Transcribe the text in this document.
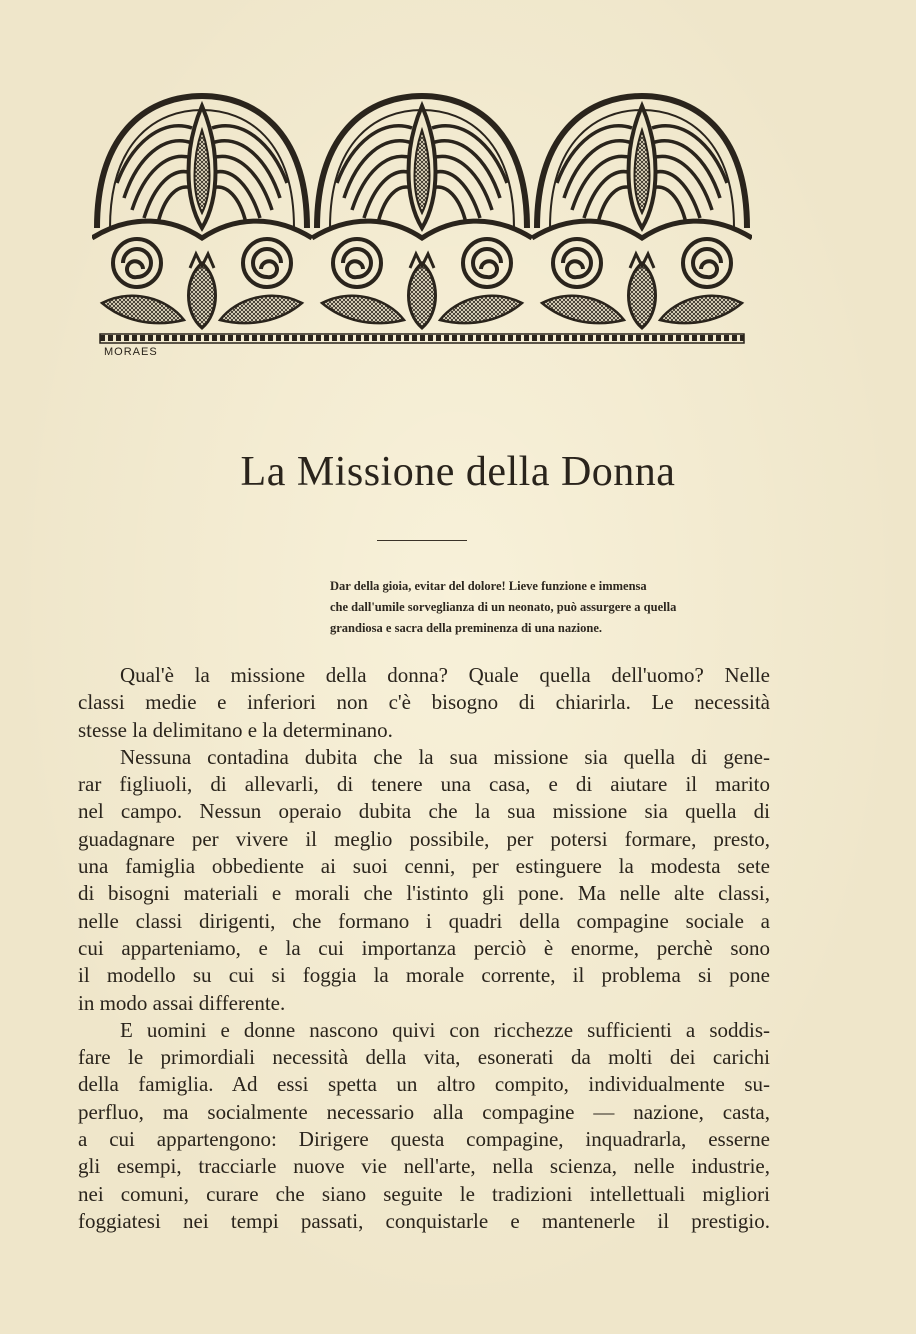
MORAES
La Missione della Donna
Dar della gioia, evitar del dolore! Lieve funzione e immensa
che dall'umile sorveglianza di un neonato, può assurgere a quella
grandiosa e sacra della preminenza di una nazione.
Qual'è la missione della donna? Quale quella dell'uomo? Nelle
classi medie e inferiori non c'è bisogno di chiarirla. Le necessità
stesse la delimitano e la determinano.
Nessuna contadina dubita che la sua missione sia quella di gene-
rar figliuoli, di allevarli, di tenere una casa, e di aiutare il marito
nel campo. Nessun operaio dubita che la sua missione sia quella di
guadagnare per vivere il meglio possibile, per potersi formare, presto,
una famiglia obbediente ai suoi cenni, per estinguere la modesta sete
di bisogni materiali e morali che l'istinto gli pone. Ma nelle alte classi,
nelle classi dirigenti, che formano i quadri della compagine sociale a
cui apparteniamo, e la cui importanza perciò è enorme, perchè sono
il modello su cui si foggia la morale corrente, il problema si pone
in modo assai differente.
E uomini e donne nascono quivi con ricchezze sufficienti a soddis-
fare le primordiali necessità della vita, esonerati da molti dei carichi
della famiglia. Ad essi spetta un altro compito, individualmente su-
perfluo, ma socialmente necessario alla compagine — nazione, casta,
a cui appartengono: Dirigere questa compagine, inquadrarla, esserne
gli esempi, tracciarle nuove vie nell'arte, nella scienza, nelle industrie,
nei comuni, curare che siano seguite le tradizioni intellettuali migliori
foggiatesi nei tempi passati, conquistarle e mantenerle il prestigio.
